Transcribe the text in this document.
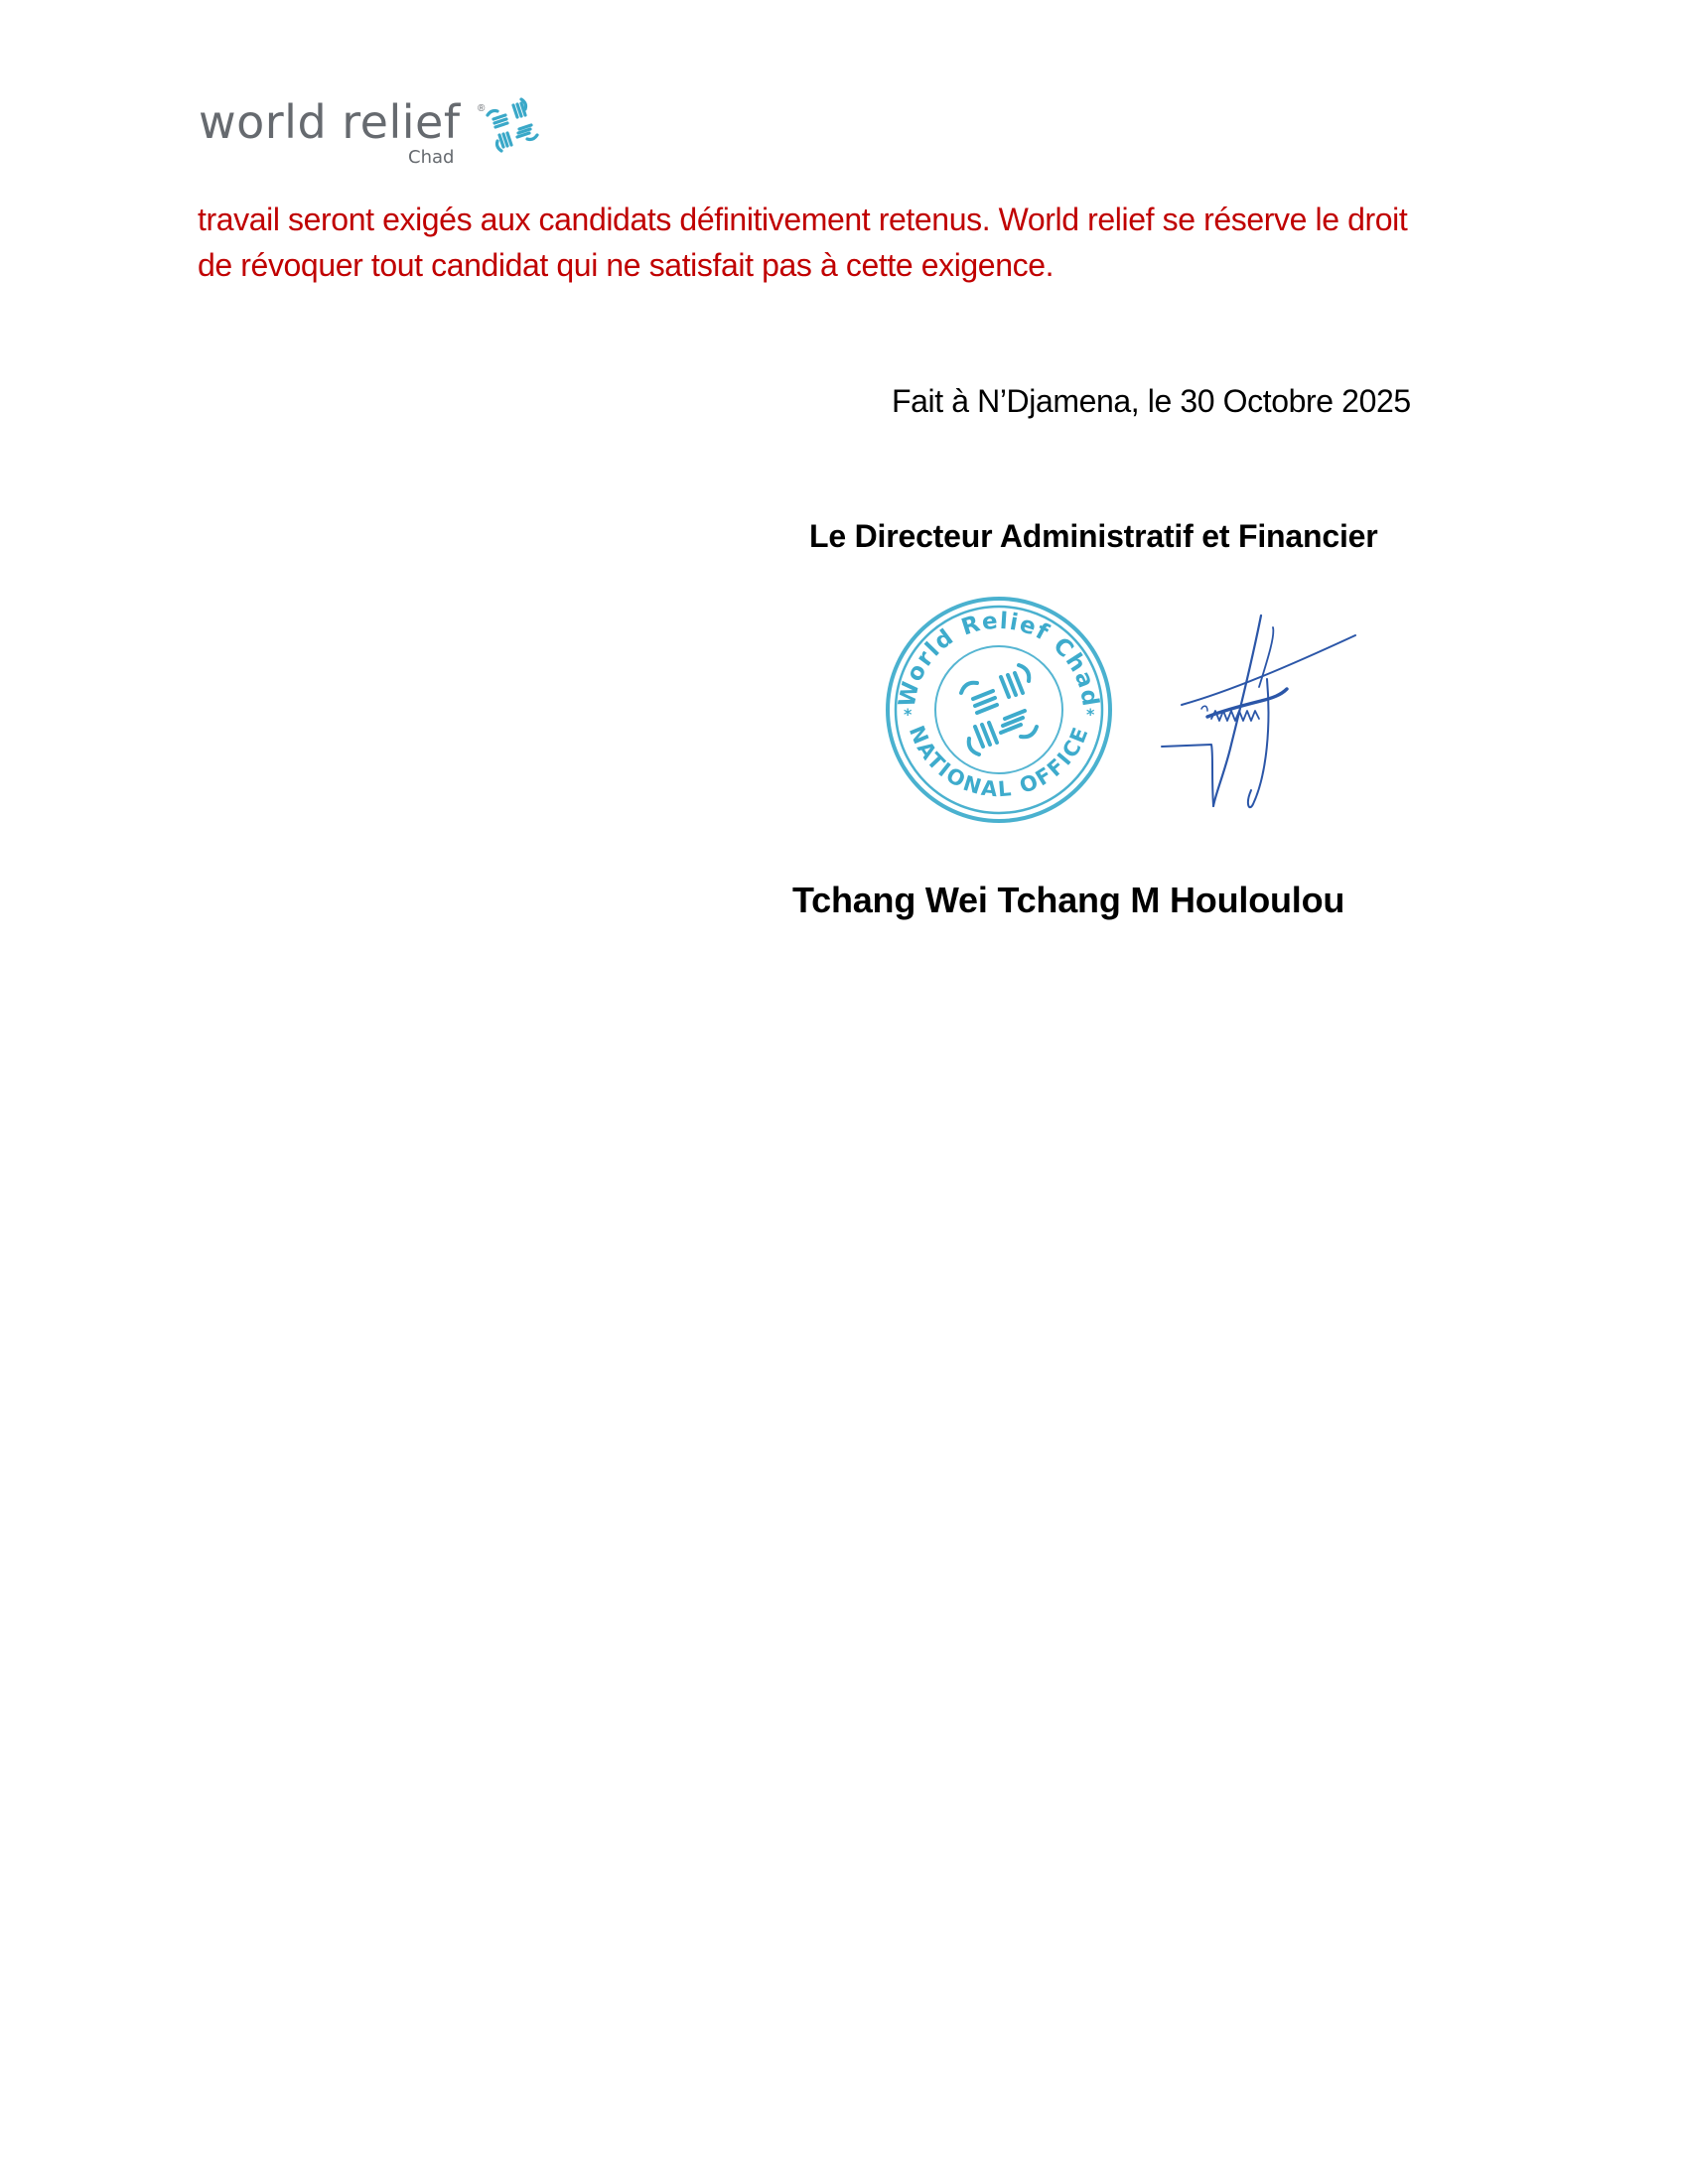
world relief ®
Chad

travail seront exigés aux candidats définitivement retenus. World relief se réserve le droit

de révoquer tout candidat qui ne satisfait pas à cette exigence.

Fait à N’Djamena, le 30 Octobre 2025
Le Directeur Administratif et Financier
World Relief Chad
NATIONAL OFFICE
*	*
Tchang Wei Tchang M Houloulou
